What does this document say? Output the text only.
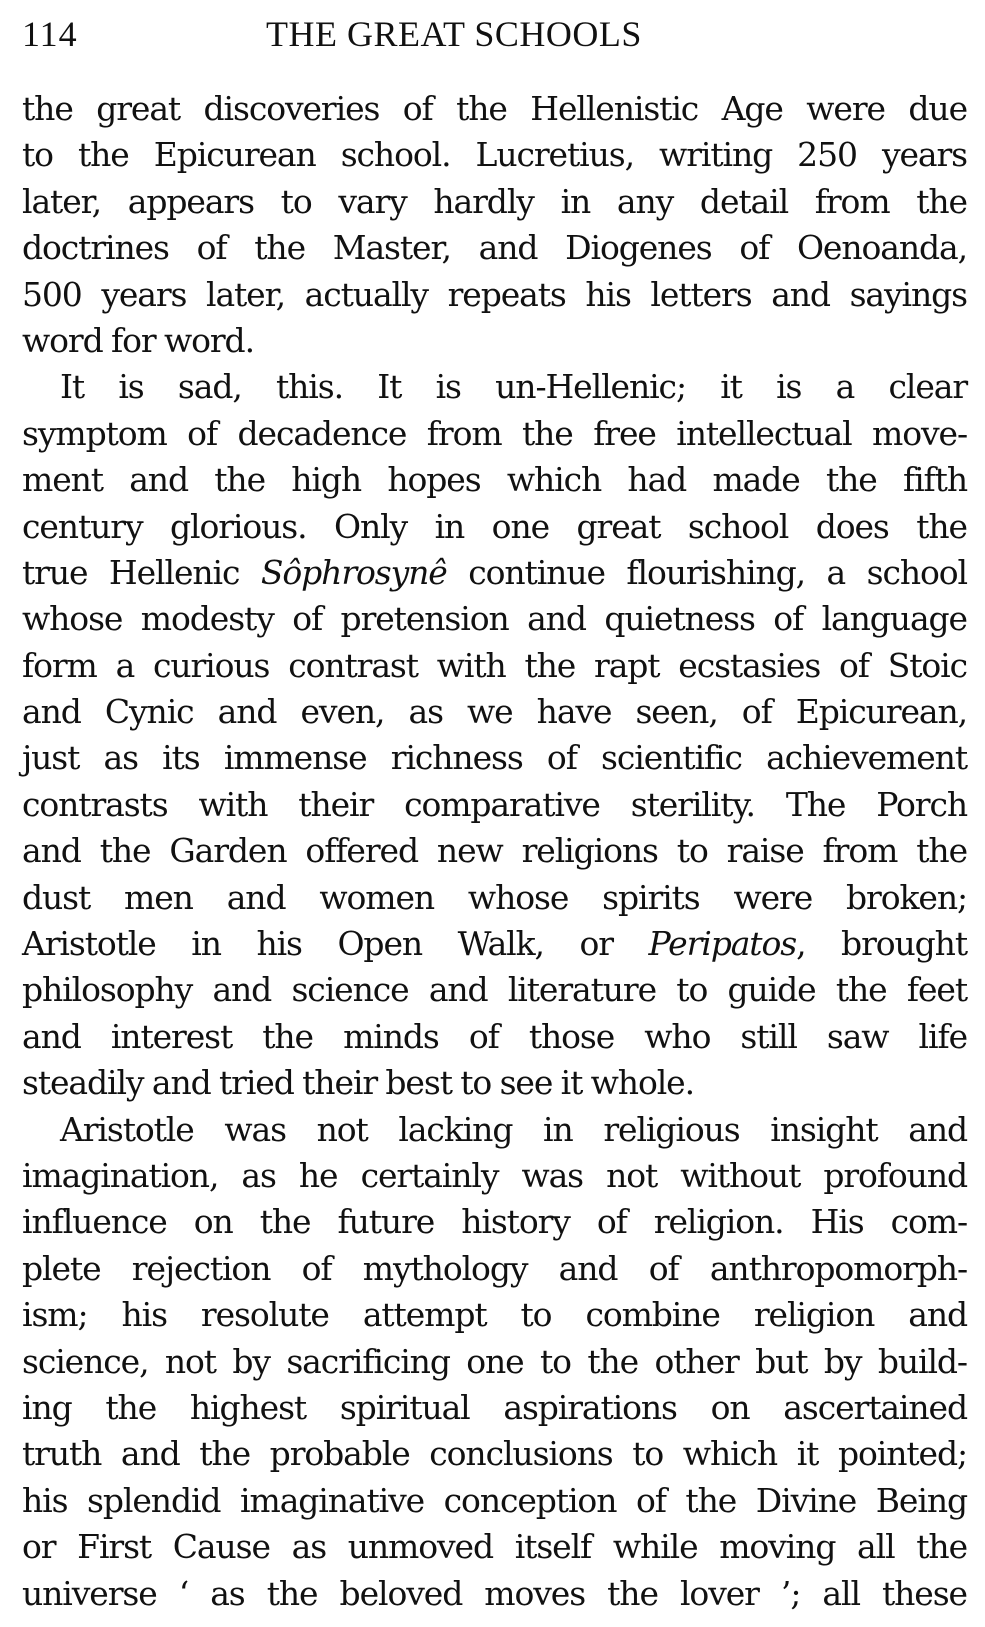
114	THE GREAT SCHOOLS
the great discoveries of the Hellenistic Age were due
to the Epicurean school. Lucretius, writing 250 years
later, appears to vary hardly in any detail from the
doctrines of the Master, and Diogenes of Oenoanda,
500 years later, actually repeats his letters and sayings
word for word.
It is sad, this. It is un-Hellenic; it is a clear
symptom of decadence from the free intellectual move-
ment and the high hopes which had made the fifth
century glorious. Only in one great school does the
true Hellenic Sôphrosynê continue flourishing, a school
whose modesty of pretension and quietness of language
form a curious contrast with the rapt ecstasies of Stoic
and Cynic and even, as we have seen, of Epicurean,
just as its immense richness of scientific achievement
contrasts with their comparative sterility. The Porch
and the Garden offered new religions to raise from the
dust men and women whose spirits were broken;
Aristotle in his Open Walk, or Peripatos, brought
philosophy and science and literature to guide the feet
and interest the minds of those who still saw life
steadily and tried their best to see it whole.
Aristotle was not lacking in religious insight and
imagination, as he certainly was not without profound
influence on the future history of religion. His com-
plete rejection of mythology and of anthropomorph-
ism; his resolute attempt to combine religion and
science, not by sacrificing one to the other but by build-
ing the highest spiritual aspirations on ascertained
truth and the probable conclusions to which it pointed;
his splendid imaginative conception of the Divine Being
or First Cause as unmoved itself while moving all the
universe ‘ as the beloved moves the lover ’; all these
